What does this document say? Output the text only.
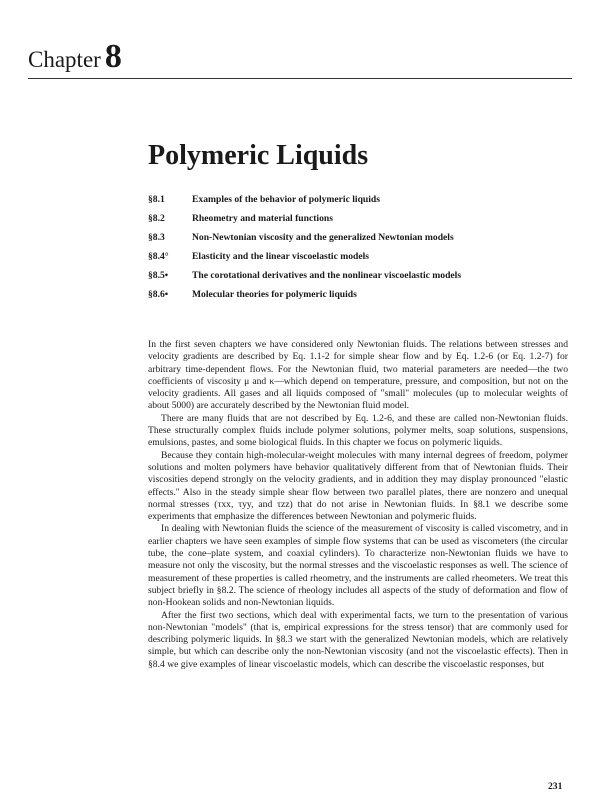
Chapter 8
Polymeric Liquids
§8.1	Examples of the behavior of polymeric liquids
§8.2	Rheometry and material functions
§8.3	Non-Newtonian viscosity and the generalized Newtonian models
§8.4°	Elasticity and the linear viscoelastic models
§8.5•	The corotational derivatives and the nonlinear viscoelastic models
§8.6•	Molecular theories for polymeric liquids

In the first seven chapters we have considered only Newtonian fluids. The relations between stresses and velocity gradients are described by Eq. 1.1-2 for simple shear flow and by Eq. 1.2-6 (or Eq. 1.2-7) for arbitrary time-dependent flows. For the Newtonian fluid, two material parameters are needed—the two coefficients of viscosity μ and κ—which depend on temperature, pressure, and composition, but not on the velocity gradients. All gases and all liquids composed of "small" molecules (up to molecular weights of about 5000) are accurately described by the Newtonian fluid model.

There are many fluids that are not described by Eq. 1.2-6, and these are called non-Newtonian fluids. These structurally complex fluids include polymer solutions, polymer melts, soap solutions, suspensions, emulsions, pastes, and some biological fluids. In this chapter we focus on polymeric liquids.

Because they contain high-molecular-weight molecules with many internal degrees of freedom, polymer solutions and molten polymers have behavior qualitatively different from that of Newtonian fluids. Their viscosities depend strongly on the velocity gradients, and in addition they may display pronounced "elastic effects." Also in the steady simple shear flow between two parallel plates, there are nonzero and unequal normal stresses (τxx, τyy, and τzz) that do not arise in Newtonian fluids. In §8.1 we describe some experiments that emphasize the differences between Newtonian and polymeric fluids.

In dealing with Newtonian fluids the science of the measurement of viscosity is called viscometry, and in earlier chapters we have seen examples of simple flow systems that can be used as viscometers (the circular tube, the cone–plate system, and coaxial cylinders). To characterize non-Newtonian fluids we have to measure not only the viscosity, but the normal stresses and the viscoelastic responses as well. The science of measurement of these properties is called rheometry, and the instruments are called rheometers. We treat this subject briefly in §8.2. The science of rheology includes all aspects of the study of deformation and flow of non-Hookean solids and non-Newtonian liquids.

After the first two sections, which deal with experimental facts, we turn to the presentation of various non-Newtonian "models" (that is, empirical expressions for the stress tensor) that are commonly used for describing polymeric liquids. In §8.3 we start with the generalized Newtonian models, which are relatively simple, but which can describe only the non-Newtonian viscosity (and not the viscoelastic effects). Then in §8.4 we give examples of linear viscoelastic models, which can describe the viscoelastic responses, but

231
